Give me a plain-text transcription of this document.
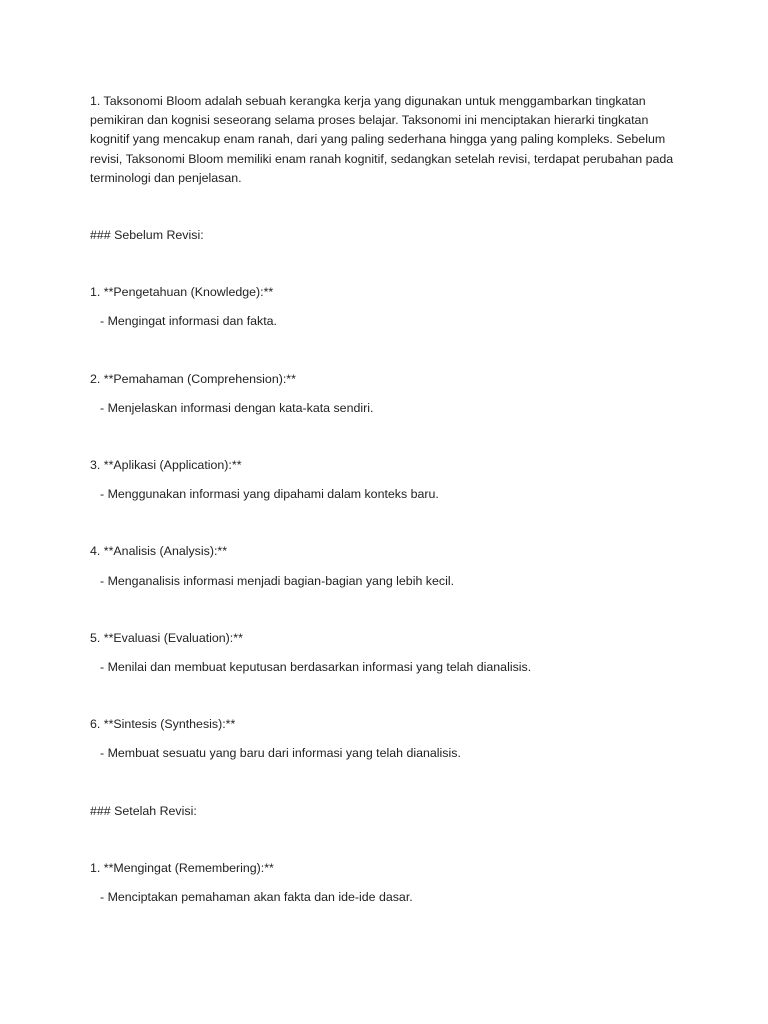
1. Taksonomi Bloom adalah sebuah kerangka kerja yang digunakan untuk menggambarkan tingkatan pemikiran dan kognisi seseorang selama proses belajar. Taksonomi ini menciptakan hierarki tingkatan kognitif yang mencakup enam ranah, dari yang paling sederhana hingga yang paling kompleks. Sebelum revisi, Taksonomi Bloom memiliki enam ranah kognitif, sedangkan setelah revisi, terdapat perubahan pada terminologi dan penjelasan.

### Sebelum Revisi:

1. **Pengetahuan (Knowledge):**

- Mengingat informasi dan fakta.

2. **Pemahaman (Comprehension):**

- Menjelaskan informasi dengan kata-kata sendiri.

3. **Aplikasi (Application):**

- Menggunakan informasi yang dipahami dalam konteks baru.

4. **Analisis (Analysis):**

- Menganalisis informasi menjadi bagian-bagian yang lebih kecil.

5. **Evaluasi (Evaluation):**

- Menilai dan membuat keputusan berdasarkan informasi yang telah dianalisis.

6. **Sintesis (Synthesis):**

- Membuat sesuatu yang baru dari informasi yang telah dianalisis.

### Setelah Revisi:

1. **Mengingat (Remembering):**

- Menciptakan pemahaman akan fakta dan ide-ide dasar.
